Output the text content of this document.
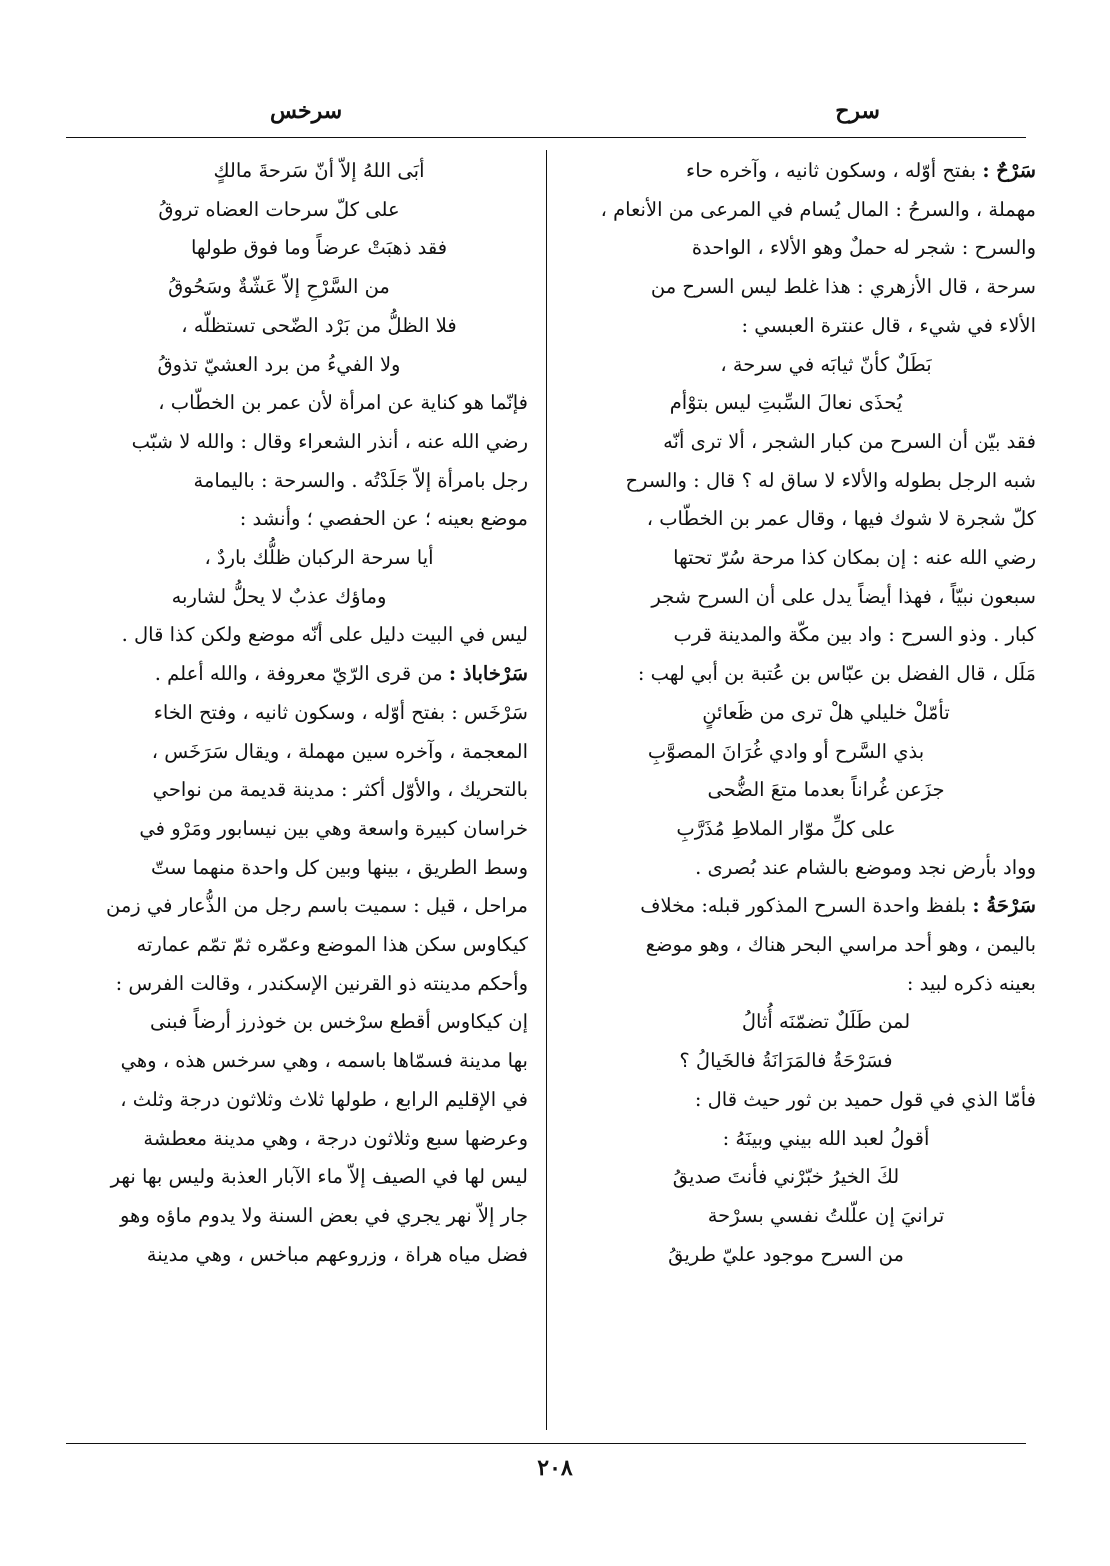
سرح
سرخس
سَرْحٌ : بفتح أوّله ، وسكون ثانيه ، وآخره حاء
مهملة ، والسرحُ : المال يُسام في المرعى من الأنعام ،
والسرح : شجر له حملٌ وهو الألاء ، الواحدة
سرحة ، قال الأزهري : هذا غلط ليس السرح من
الألاء في شيء ، قال عنترة العبسي :
بَطَلٌ كأنّ ثيابَه في سرحة ،
يُحذَى نعالَ السِّبتِ ليس بتوْأم
فقد بيّن أن السرح من كبار الشجر ، ألا ترى أنّه
شبه الرجل بطوله والألاء لا ساق له ؟ قال : والسرح
كلّ شجرة لا شوك فيها ، وقال عمر بن الخطّاب ،
رضي الله عنه : إن بمكان كذا مرحة سُرّ تحتها
سبعون نبيّاً ، فهذا أيضاً يدل على أن السرح شجر
كبار . وذو السرح : واد بين مكّة والمدينة قرب
مَلَل ، قال الفضل بن عبّاس بن عُتبة بن أبي لهب :
تأمّلْ خليلي هلْ ترى من ظَعائنٍ
بذي السَّرح أو وادي غُرَانَ المصوَّبِ
جزَعن غُراناً بعدما متعَ الضُّحى
على كلِّ موّار الملاطِ مُذَرَّبِ
وواد بأرض نجد وموضع بالشام عند بُصرى .
سَرْحَةُ : بلفظ واحدة السرح المذكور قبله: مخلاف
باليمن ، وهو أحد مراسي البحر هناك ، وهو موضع
بعينه ذكره لبيد :
لمن طَلَلٌ تضمّنَه أُثالُ
فسَرْحَةُ فالمَرَانَةُ فالخَيالُ ؟
فأمّا الذي في قول حميد بن ثور حيث قال :
أقولُ لعبد الله بيني وبينَهُ :
لكَ الخيرُ خبّرْني فأنتَ صديقُ
ترانيَ إن علّلتُ نفسي بسرْحة
من السرح موجود عليّ طريقُ
أبَى اللهُ إلاّ أنّ سَرحةَ مالكٍ
على كلّ سرحات العضاه تروقُ
فقد ذهبَتْ عرضاً وما فوق طولها
من السَّرْحِ إلاّ عَشّةٌ وسَحُوقُ
فلا الظلُّ من بَرْد الضّحى تستظلّه ،
ولا الفيءُ من برد العشيّ تذوقُ
فإنّما هو كناية عن امرأة لأن عمر بن الخطّاب ،
رضي الله عنه ، أنذر الشعراء وقال : والله لا شبّب
رجل بامرأة إلاّ جَلَدْتُه . والسرحة : باليمامة
موضع بعينه ؛ عن الحفصي ؛ وأنشد :
أيا سرحة الركبان ظلُّك باردٌ ،
وماؤك عذبٌ لا يحلُّ لشاربه
ليس في البيت دليل على أنّه موضع ولكن كذا قال .
سَرْخاباذ : من قرى الرّيّ معروفة ، والله أعلم .
سَرْخَس : بفتح أوّله ، وسكون ثانيه ، وفتح الخاء
المعجمة ، وآخره سين مهملة ، ويقال سَرَخَس ،
بالتحريك ، والأوّل أكثر : مدينة قديمة من نواحي
خراسان كبيرة واسعة وهي بين نيسابور ومَرْو في
وسط الطريق ، بينها وبين كل واحدة منهما ستّ
مراحل ، قيل : سميت باسم رجل من الذُّعار في زمن
كيكاوس سكن هذا الموضع وعمّره ثمّ تمّم عمارته
وأحكم مدينته ذو القرنين الإسكندر ، وقالت الفرس :
إن كيكاوس أقطع سرْخس بن خوذرز أرضاً فبنى
بها مدينة فسمّاها باسمه ، وهي سرخس هذه ، وهي
في الإقليم الرابع ، طولها ثلاث وثلاثون درجة وثلث ،
وعرضها سبع وثلاثون درجة ، وهي مدينة معطشة
ليس لها في الصيف إلاّ ماء الآبار العذبة وليس بها نهر
جار إلاّ نهر يجري في بعض السنة ولا يدوم ماؤه وهو
فضل مياه هراة ، وزروعهم مباخس ، وهي مدينة
٢٠٨
